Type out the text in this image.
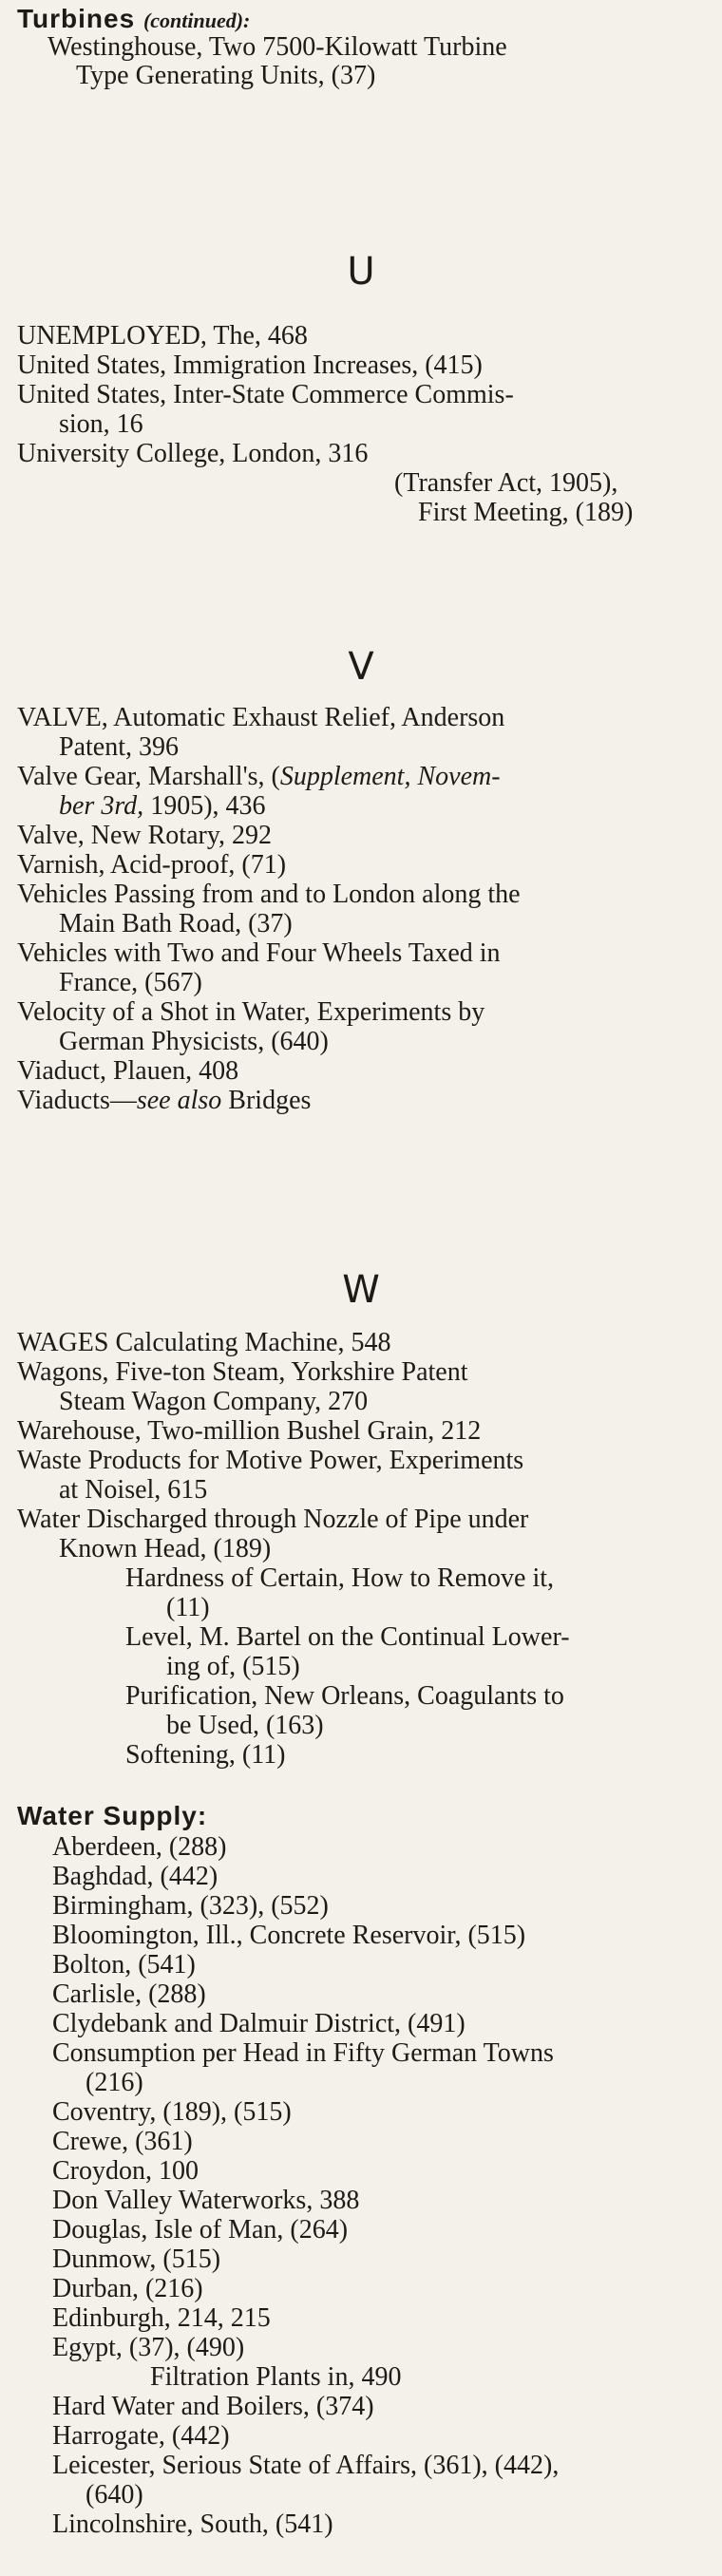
Turbines (continued):
Westinghouse, Two 7500-Kilowatt Turbine
Type Generating Units, (37)
U
UNEMPLOYED, The, 468
United States, Immigration Increases, (415)
United States, Inter-State Commerce Commis-
sion, 16
University College, London, 316
(Transfer Act, 1905),
First Meeting, (189)
V
VALVE, Automatic Exhaust Relief, Anderson
Patent, 396
Valve Gear, Marshall's, (Supplement, Novem-
ber 3rd, 1905), 436
Valve, New Rotary, 292
Varnish, Acid-proof, (71)
Vehicles Passing from and to London along the
Main Bath Road, (37)
Vehicles with Two and Four Wheels Taxed in
France, (567)
Velocity of a Shot in Water, Experiments by
German Physicists, (640)
Viaduct, Plauen, 408
Viaducts—see also Bridges
W
WAGES Calculating Machine, 548
Wagons, Five-ton Steam, Yorkshire Patent
Steam Wagon Company, 270
Warehouse, Two-million Bushel Grain, 212
Waste Products for Motive Power, Experiments
at Noisel, 615
Water Discharged through Nozzle of Pipe under
Known Head, (189)
Hardness of Certain, How to Remove it,
(11)
Level, M. Bartel on the Continual Lower-
ing of, (515)
Purification, New Orleans, Coagulants to
be Used, (163)
Softening, (11)
Water Supply:
Aberdeen, (288)
Baghdad, (442)
Birmingham, (323), (552)
Bloomington, Ill., Concrete Reservoir, (515)
Bolton, (541)
Carlisle, (288)
Clydebank and Dalmuir District, (491)
Consumption per Head in Fifty German Towns
(216)
Coventry, (189), (515)
Crewe, (361)
Croydon, 100
Don Valley Waterworks, 388
Douglas, Isle of Man, (264)
Dunmow, (515)
Durban, (216)
Edinburgh, 214, 215
Egypt, (37), (490)
Filtration Plants in, 490
Hard Water and Boilers, (374)
Harrogate, (442)
Leicester, Serious State of Affairs, (361), (442),
(640)
Lincolnshire, South, (541)
